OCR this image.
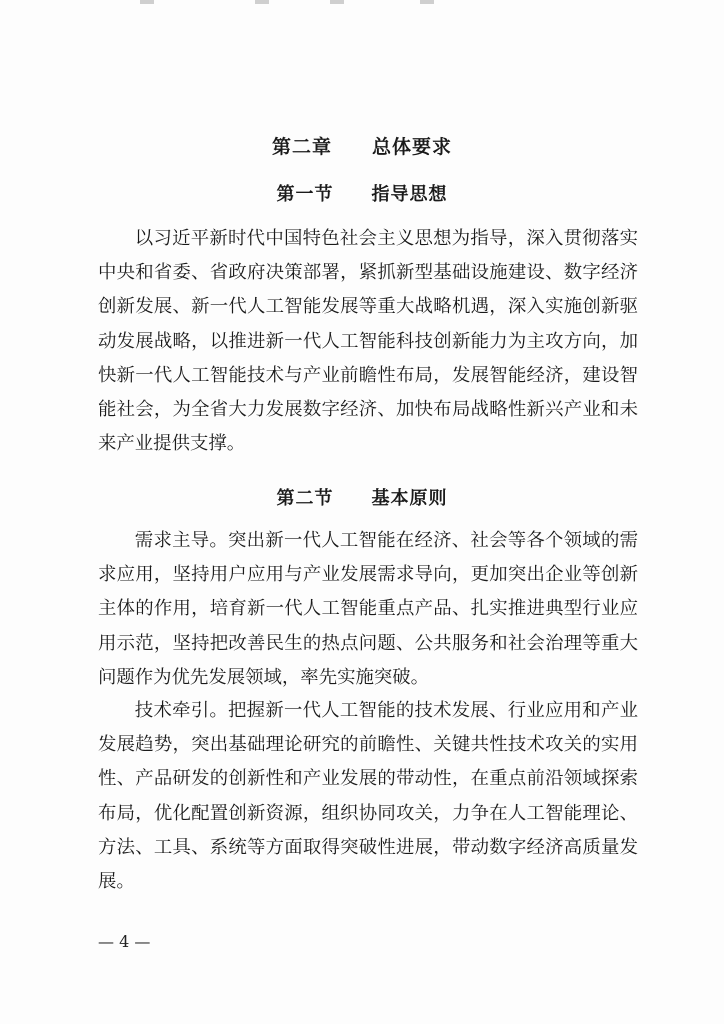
第二章　　总体要求
第一节　　指导思想

以习近平新时代中国特色社会主义思想为指导，深入贯彻落实中央和省委、省政府决策部署，紧抓新型基础设施建设、数字经济创新发展、新一代人工智能发展等重大战略机遇，深入实施创新驱动发展战略，以推进新一代人工智能科技创新能力为主攻方向，加快新一代人工智能技术与产业前瞻性布局，发展智能经济，建设智能社会，为全省大力发展数字经济、加快布局战略性新兴产业和未来产业提供支撑。

第二节　　基本原则

需求主导。突出新一代人工智能在经济、社会等各个领域的需求应用，坚持用户应用与产业发展需求导向，更加突出企业等创新主体的作用，培育新一代人工智能重点产品、扎实推进典型行业应用示范，坚持把改善民生的热点问题、公共服务和社会治理等重大问题作为优先发展领域，率先实施突破。

技术牵引。把握新一代人工智能的技术发展、行业应用和产业发展趋势，突出基础理论研究的前瞻性、关键共性技术攻关的实用性、产品研发的创新性和产业发展的带动性，在重点前沿领域探索布局，优化配置创新资源，组织协同攻关，力争在人工智能理论、方法、工具、系统等方面取得突破性进展，带动数字经济高质量发展。

— 4 —
